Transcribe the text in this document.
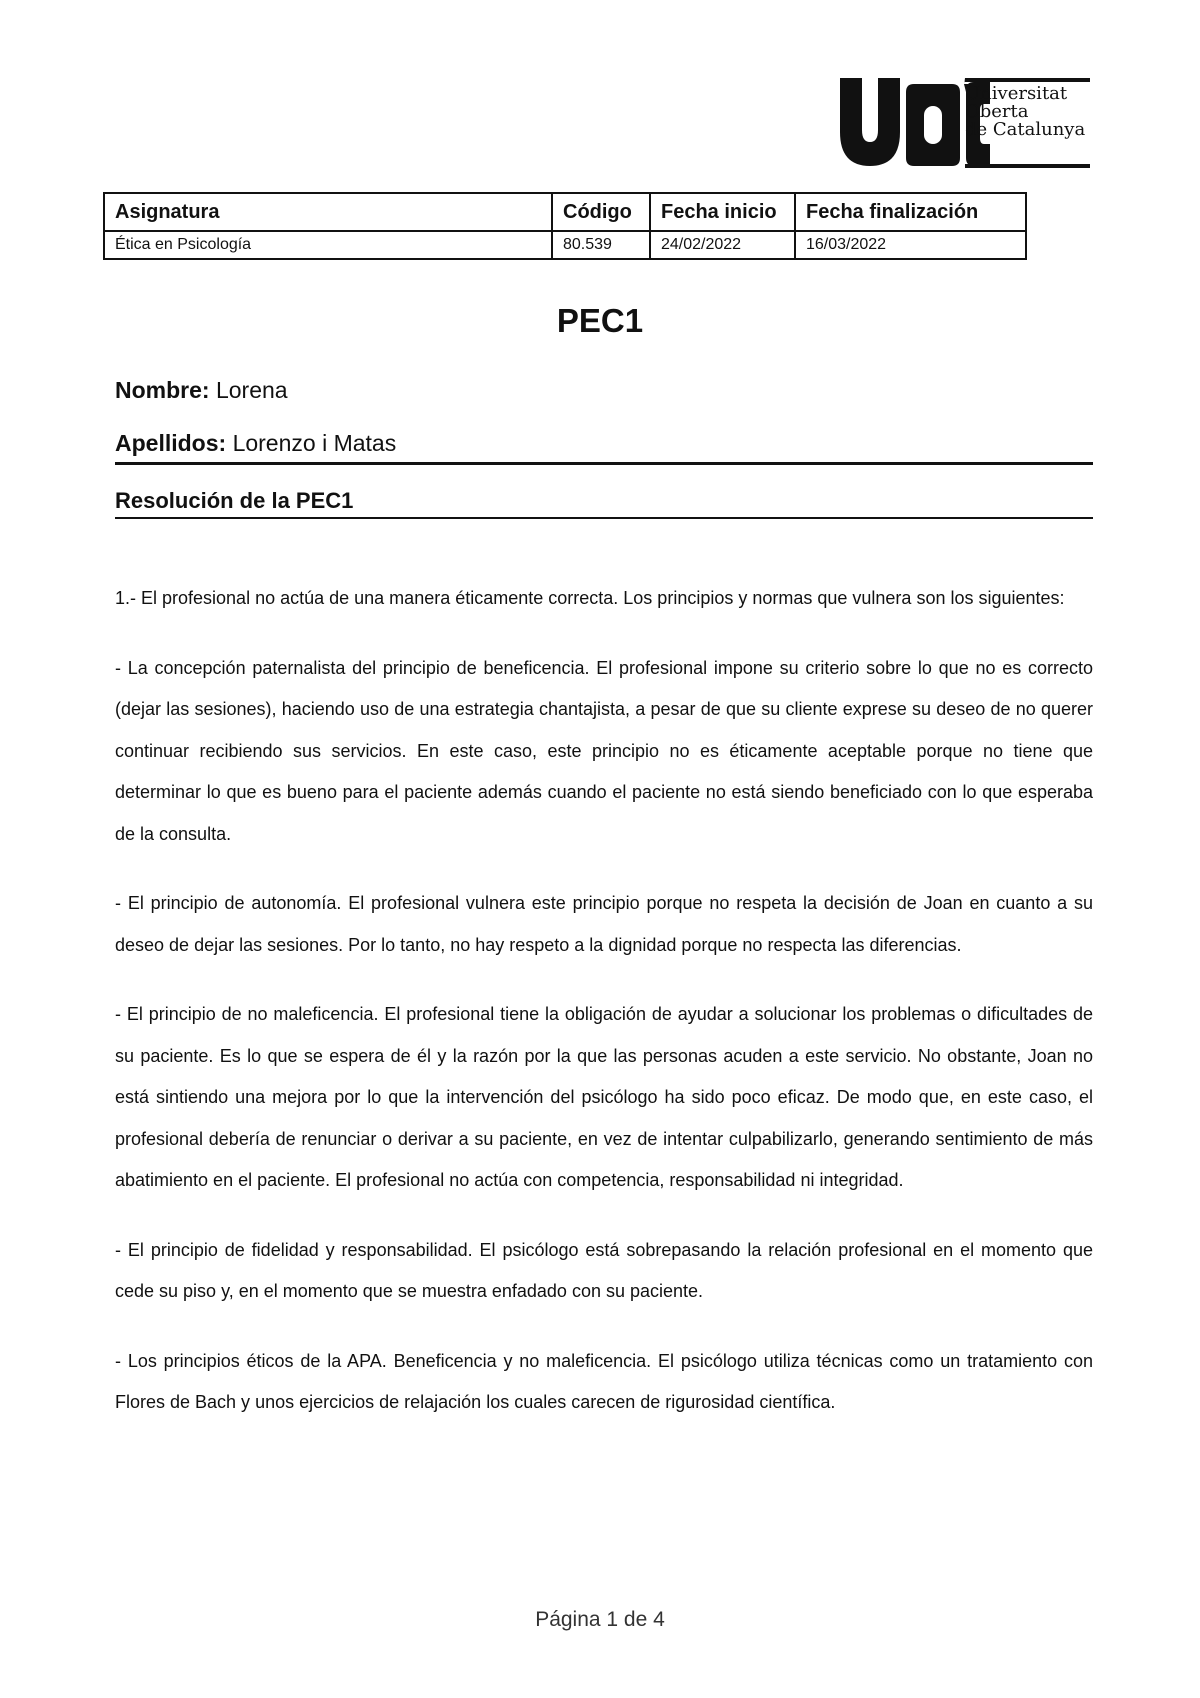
Universitat
Oberta
de Catalunya
Asignatura	Código	Fecha inicio	Fecha finalización
Ética en Psicología	80.539	24/02/2022	16/03/2022
PEC1
Nombre: Lorena
Apellidos: Lorenzo i Matas
Resolución de la PEC1

1.- El profesional no actúa de una manera éticamente correcta. Los principios y normas que vulnera son los siguientes:

- La concepción paternalista del principio de beneficencia. El profesional impone su criterio sobre lo que no es correcto (dejar las sesiones), haciendo uso de una estrategia chantajista, a pesar de que su cliente exprese su deseo de no querer continuar recibiendo sus servicios. En este caso, este principio no es éticamente aceptable porque no tiene que determinar lo que es bueno para el paciente además cuando el paciente no está siendo beneficiado con lo que esperaba de la consulta.

- El principio de autonomía. El profesional vulnera este principio porque no respeta la decisión de Joan en cuanto a su deseo de dejar las sesiones. Por lo tanto, no hay respeto a la dignidad porque no respecta las diferencias.

- El principio de no maleficencia. El profesional tiene la obligación de ayudar a solucionar los problemas o dificultades de su paciente. Es lo que se espera de él y la razón por la que las personas acuden a este servicio. No obstante, Joan no está sintiendo una mejora por lo que la intervención del psicólogo ha sido poco eficaz. De modo que, en este caso, el profesional debería de renunciar o derivar a su paciente, en vez de intentar culpabilizarlo, generando sentimiento de más abatimiento en el paciente. El profesional no actúa con competencia, responsabilidad ni integridad.

- El principio de fidelidad y responsabilidad. El psicólogo está sobrepasando la relación profesional en el momento que cede su piso y, en el momento que se muestra enfadado con su paciente.

- Los principios éticos de la APA. Beneficencia y no maleficencia. El psicólogo utiliza técnicas como un tratamiento con Flores de Bach y unos ejercicios de relajación los cuales carecen de rigurosidad científica.

Página 1 de 4
